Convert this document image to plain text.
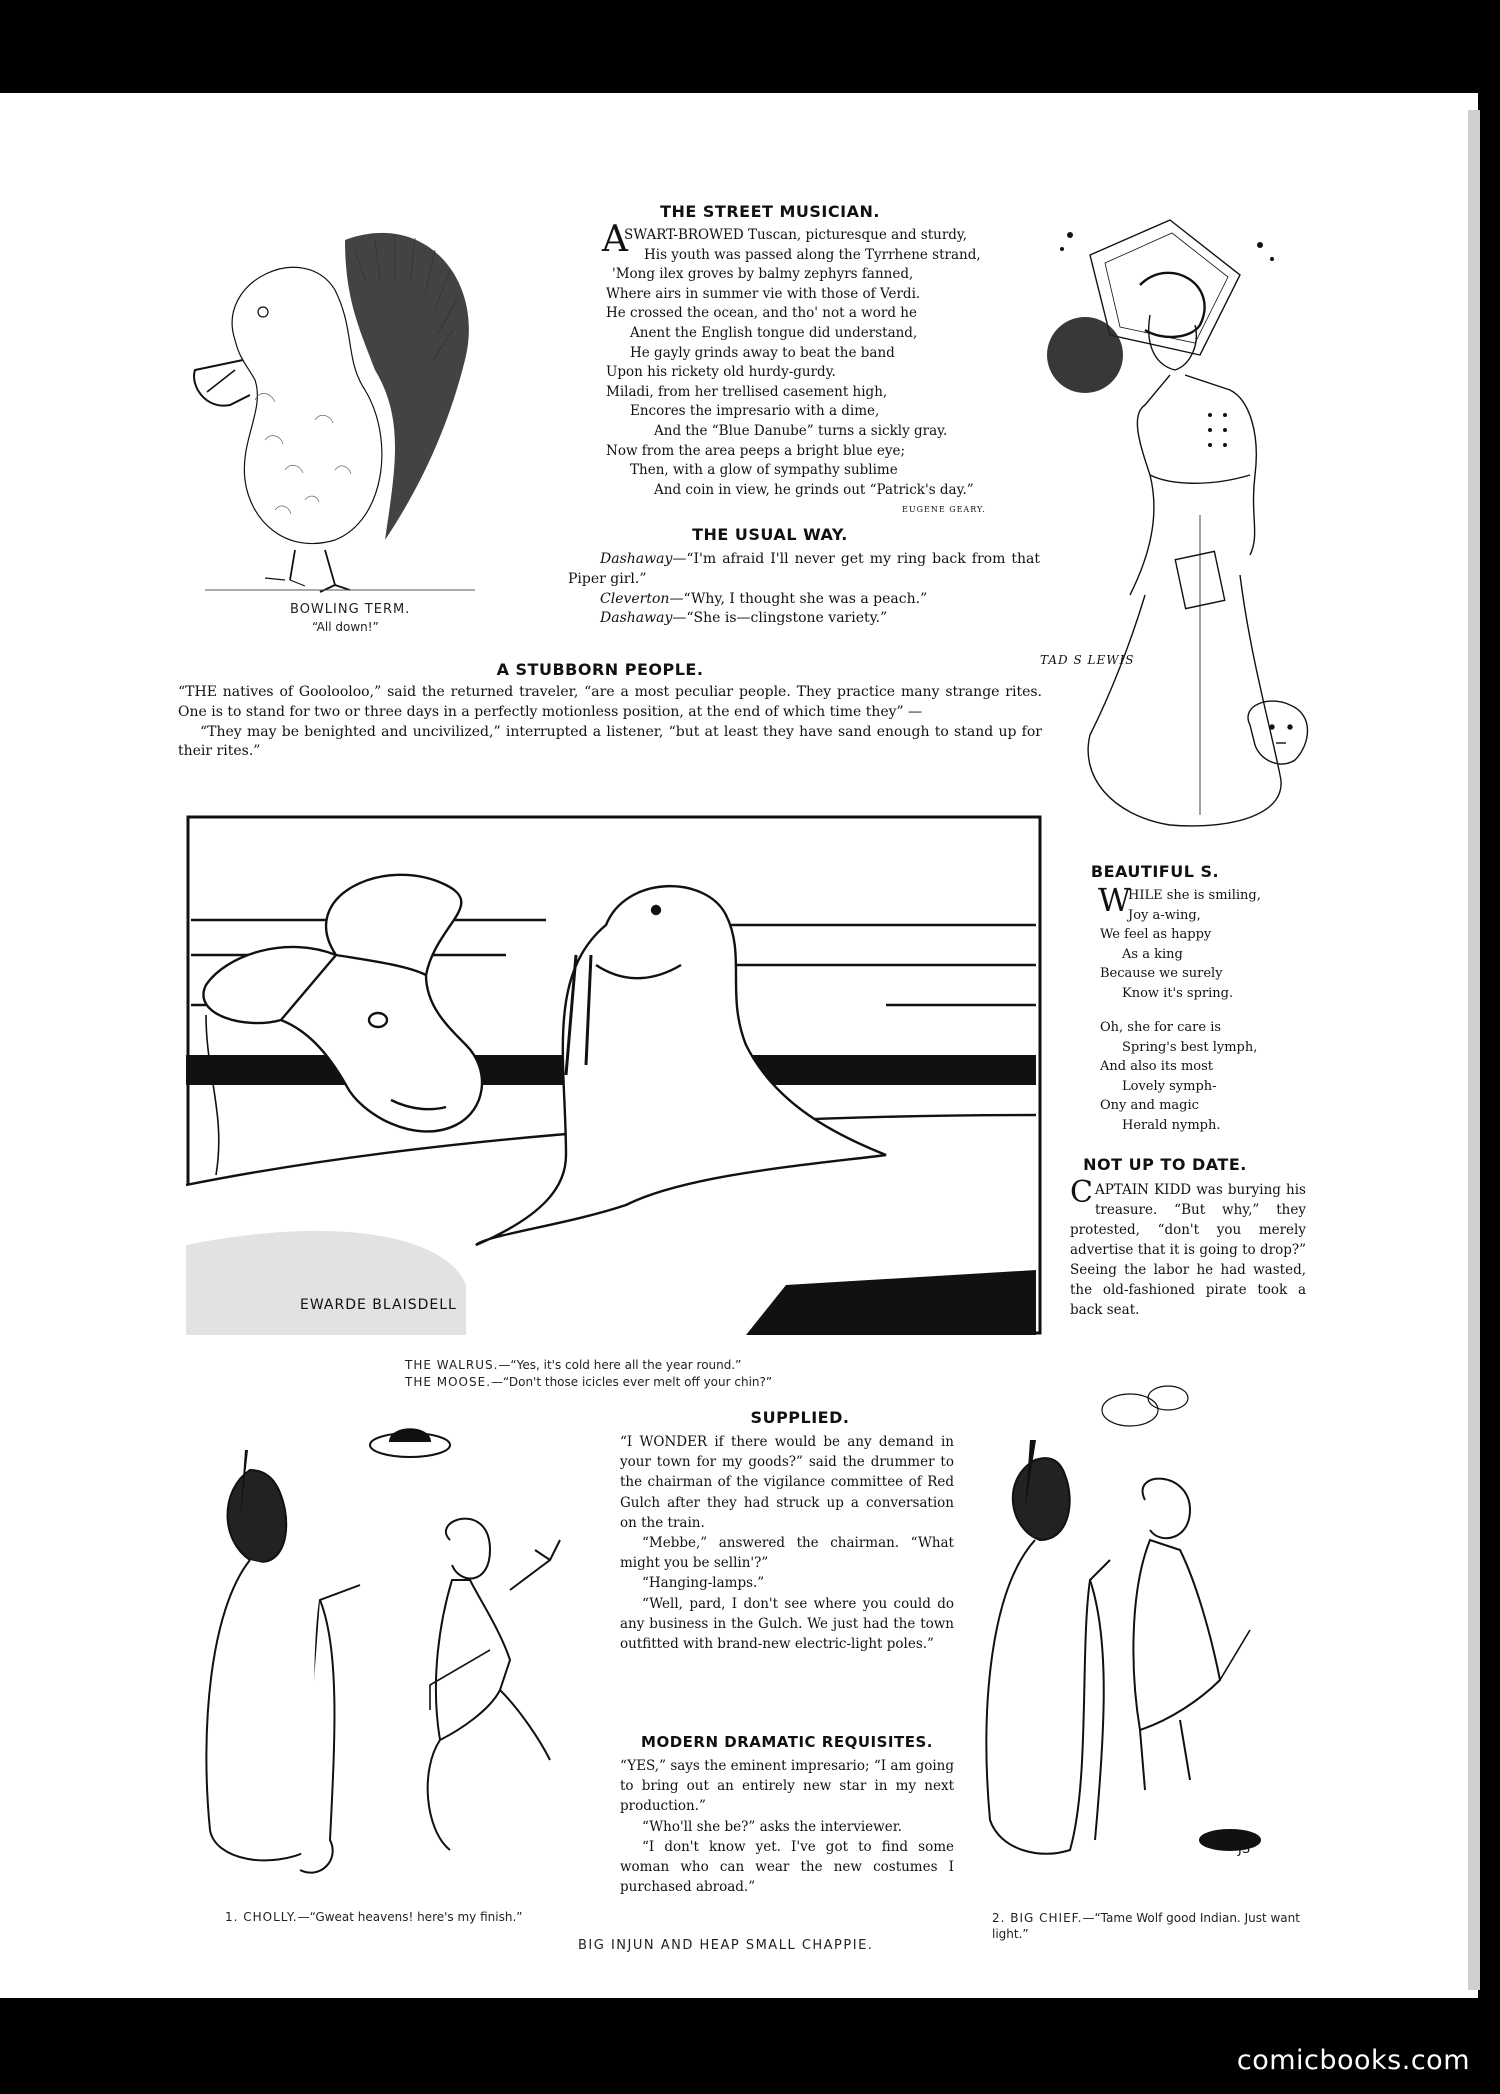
BOWLING TERM.
“All down!”
THE STREET MUSICIAN.
A
SWART-BROWED Tuscan, picturesque and sturdy,
His youth was passed along the Tyrrhene strand,
'Mong ilex groves by balmy zephyrs fanned,
Where airs in summer vie with those of Verdi.
He crossed the ocean, and tho' not a word he
Anent the English tongue did understand,
He gayly grinds away to beat the band
Upon his rickety old hurdy-gurdy.
Miladi, from her trellised casement high,
Encores the impresario with a dime,
And the “Blue Danube” turns a sickly gray.
Now from the area peeps a bright blue eye;
Then, with a glow of sympathy sublime
And coin in view, he grinds out “Patrick's day.”
EUGENE GEARY.
THE USUAL WAY.

Dashaway—“I'm afraid I'll never get my ring back from that Piper girl.”

Cleverton—“Why, I thought she was a peach.”

Dashaway—“She is—clingstone variety.”

TAD S LEWIS
A STUBBORN PEOPLE.

“THE natives of Goolooloo,” said the returned traveler, “are a most peculiar people. They practice many strange rites. One is to stand for two or three days in a perfectly motionless position, at the end of which time they” —

“They may be benighted and uncivilized,” interrupted a listener, “but at least they have sand enough to stand up for their rites.”

EWARDE BLAISDELL
THE WALRUS.—“Yes, it's cold here all the year round.”
THE MOOSE.—“Don't those icicles ever melt off your chin?”
BEAUTIFUL S.
W
HILE she is smiling,
Joy a-wing,
We feel as happy
As a king
Because we surely
Know it's spring.
Oh, she for care is
Spring's best lymph,
And also its most
Lovely symph-
Ony and magic
Herald nymph.
NOT UP TO DATE.
CAPTAIN KIDD was burying his treasure. “But why,” they protested, “don't you merely advertise that it is going to drop?” Seeing the labor he had wasted, the old-fashioned pirate took a back seat.
1. CHOLLY.—“Gweat heavens! here's my finish.”
SUPPLIED.

“I WONDER if there would be any demand in your town for my goods?” said the drummer to the chairman of the vigilance committee of Red Gulch after they had struck up a conversation on the train.

“Mebbe,” answered the chairman. “What might you be sellin'?”

“Hanging-lamps.”

“Well, pard, I don't see where you could do any business in the Gulch. We just had the town outfitted with brand-new electric-light poles.”

MODERN DRAMATIC REQUISITES.

“YES,” says the eminent impresario; “I am going to bring out an entirely new star in my next production.”

“Who'll she be?” asks the interviewer.

“I don't know yet. I've got to find some woman who can wear the new costumes I purchased abroad.”

JS
2. BIG CHIEF.—“Tame Wolf good Indian. Just want light.”
BIG INJUN AND HEAP SMALL CHAPPIE.
comicbooks.com
